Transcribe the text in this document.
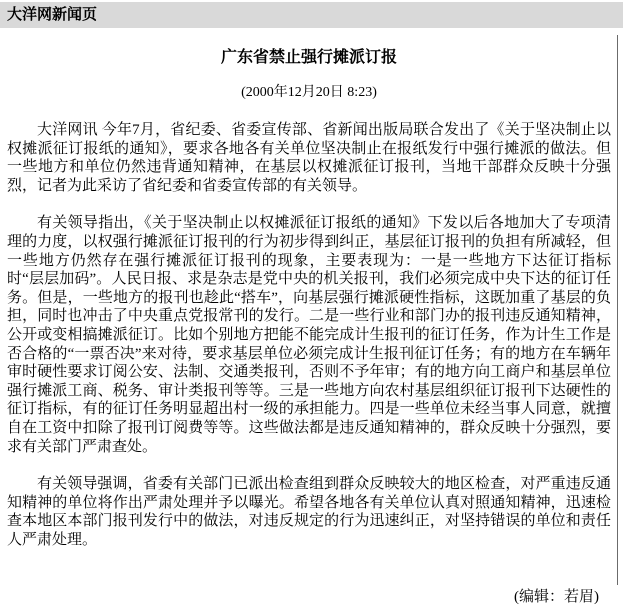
大洋网新闻页
广东省禁止强行摊派订报
(2000年12月20日 8:23)

大洋网讯 今年7月，省纪委、省委宣传部、省新闻出版局联合发出了《关于坚决制止以权摊派征订报纸的通知》，要求各地各有关单位坚决制止在报纸发行中强行摊派的做法。但一些地方和单位仍然违背通知精神，在基层以权摊派征订报刊，当地干部群众反映十分强烈，记者为此采访了省纪委和省委宣传部的有关领导。

有关领导指出，《关于坚决制止以权摊派征订报纸的通知》下发以后各地加大了专项清理的力度，以权强行摊派征订报刊的行为初步得到纠正，基层征订报刊的负担有所减轻，但一些地方仍然存在强行摊派征订报刊的现象，主要表现为：一是一些地方下达征订指标时“层层加码”。人民日报、求是杂志是党中央的机关报刊，我们必须完成中央下达的征订任务。但是，一些地方的报刊也趁此“搭车”，向基层强行摊派硬性指标，这既加重了基层的负担，同时也冲击了中央重点党报常刊的发行。二是一些行业和部门办的报刊违反通知精神，公开或变相搞摊派征订。比如个别地方把能不能完成计生报刊的征订任务，作为计生工作是否合格的“一票否决”来对待，要求基层单位必须完成计生报刊征订任务；有的地方在车辆年审时硬性要求订阅公安、法制、交通类报刊，否则不予年审；有的地方向工商户和基层单位强行摊派工商、税务、审计类报刊等等。三是一些地方向农村基层组织征订报刊下达硬性的征订指标，有的征订任务明显超出村一级的承担能力。四是一些单位未经当事人同意，就擅自在工资中扣除了报刊订阅费等等。这些做法都是违反通知精神的，群众反映十分强烈，要求有关部门严肃查处。

有关领导强调，省委有关部门已派出检查组到群众反映较大的地区检查，对严重违反通知精神的单位将作出严肃处理并予以曝光。希望各地各有关单位认真对照通知精神，迅速检查本地区本部门报刊发行中的做法，对违反规定的行为迅速纠正，对坚持错误的单位和责任人严肃处理。

(编辑：若眉)
